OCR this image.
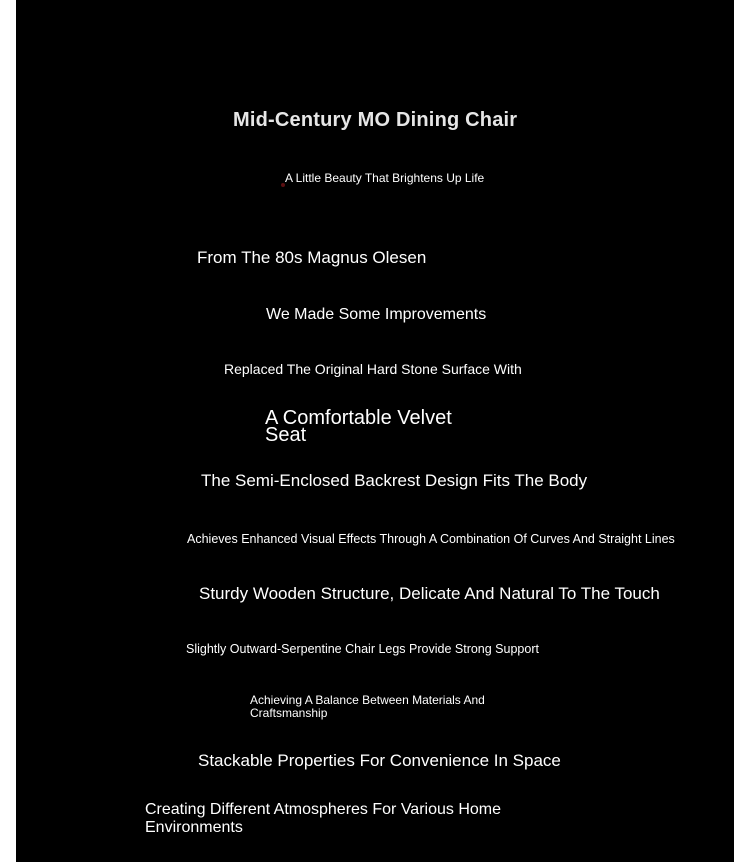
Mid-Century MO Dining Chair

A Little Beauty That Brightens Up Life

From The 80s Magnus Olesen

We Made Some Improvements

Replaced The Original Hard Stone Surface With

A Comfortable Velvet Seat

The Semi-Enclosed Backrest Design Fits The Body

Achieves Enhanced Visual Effects Through A Combination Of Curves And Straight Lines

Sturdy Wooden Structure, Delicate And Natural To The Touch

Slightly Outward-Serpentine Chair Legs Provide Strong Support

Achieving A Balance Between Materials And Craftsmanship

Stackable Properties For Convenience In Space

Creating Different Atmospheres For Various Home Environments
